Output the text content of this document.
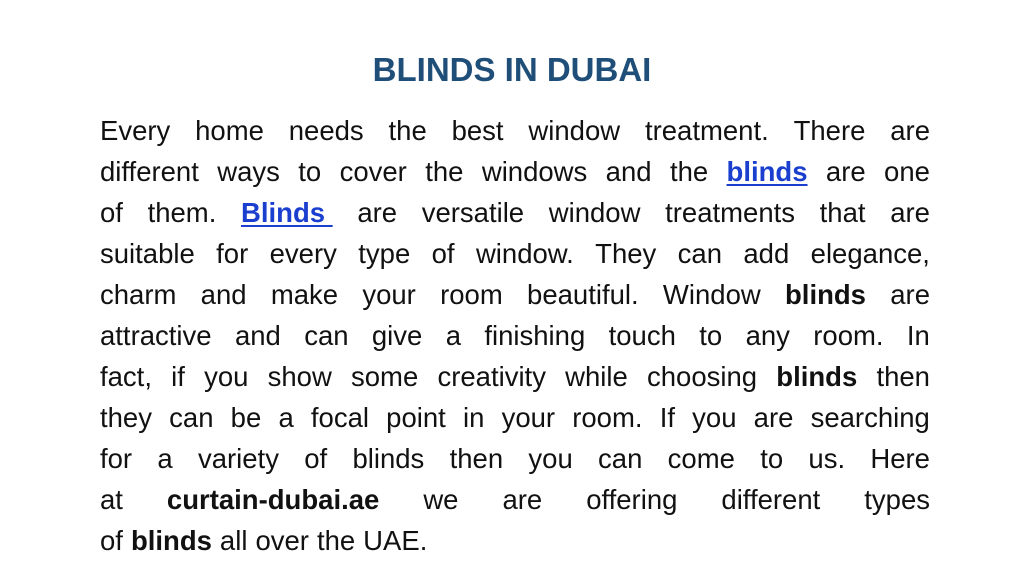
BLINDS IN DUBAI
Every home needs the best window treatment. There are
different ways to cover the windows and the blinds are one
of them. Blinds are versatile window treatments that are
suitable for every type of window. They can add elegance,
charm and make your room beautiful. Window blinds are
attractive and can give a finishing touch to any room. In
fact, if you show some creativity while choosing blinds then
they can be a focal point in your room. If you are searching
for a variety of blinds then you can come to us. Here
at curtain-dubai.ae we are offering different types
of blinds all over the UAE.
